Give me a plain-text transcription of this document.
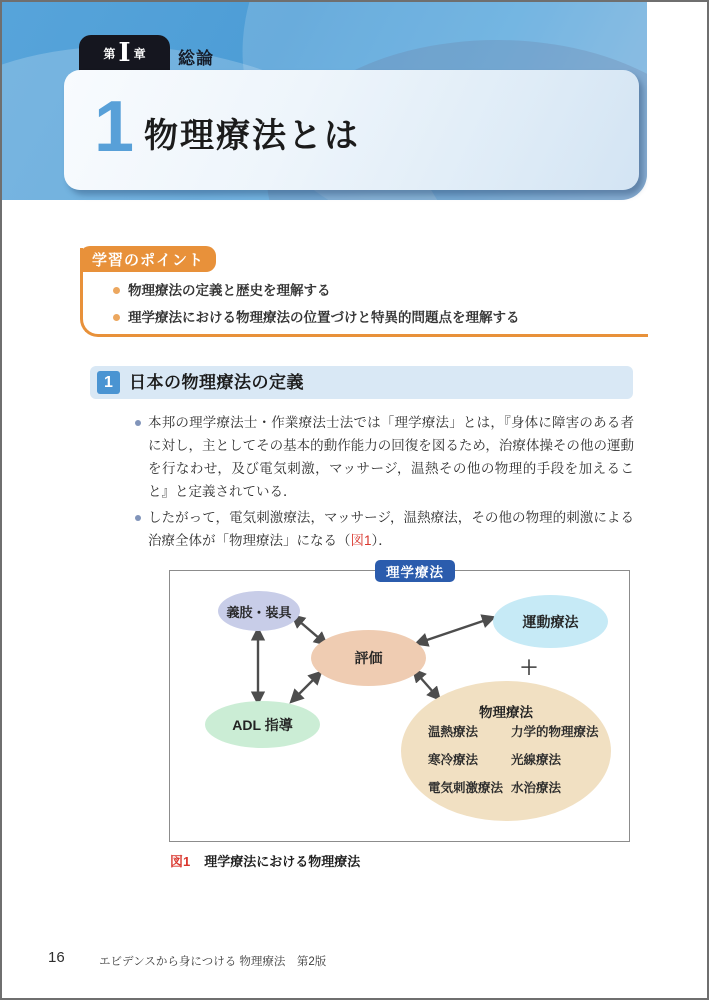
第 Ⅰ 章 総論
1 物理療法とは
学習のポイント
物理療法の定義と歴史を理解する
理学療法における物理療法の位置づけと特異的問題点を理解する
1 日本の物理療法の定義
本邦の理学療法士・作業療法士法では「理学療法」とは，『身体に障害のある者に対し，主としてその基本的動作能力の回復を図るため，治療体操その他の運動を行なわせ，及び電気刺激，マッサージ，温熱その他の物理的手段を加えること』と定義されている．
したがって，電気刺激療法，マッサージ，温熱療法，その他の物理的刺激による治療全体が「物理療法」になる（図1）．
理学療法
義肢・装具
評価
運動療法
ADL 指導
＋
物理療法
温熱療法
寒冷療法
電気刺激療法
力学的物理療法
光線療法
水治療法
図1 理学療法における物理療法
16	エビデンスから身につける 物理療法　第2版
